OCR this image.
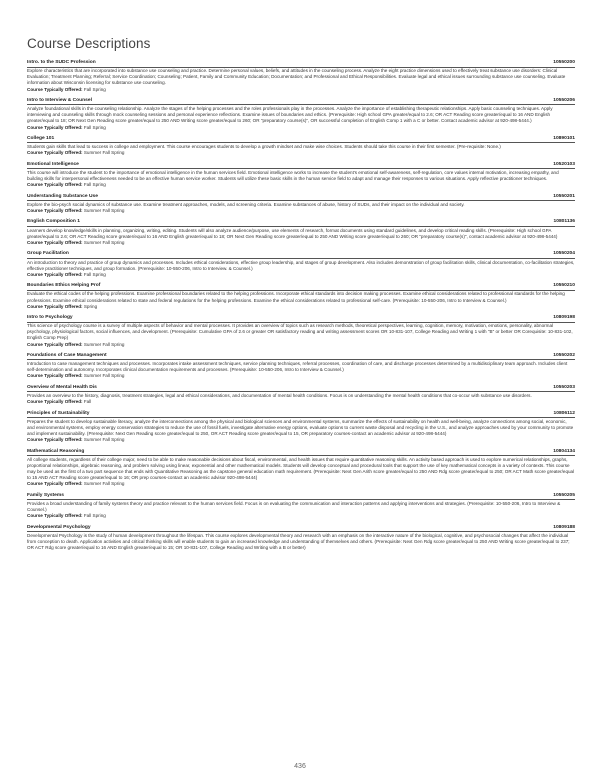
Course Descriptions
Intro. to the SUDC Profession	10550200
Explore characteristics that are incorporated into substance use counseling and practice. Determine personal values, beliefs, and attitudes in the counseling process. Analyze the eight practice dimensions used to effectively treat substance use disorders: Clinical Evaluation; Treatment Planning; Referral; Service Coordination; Counseling; Patient, Family and Community Education; Documentation; and Professional and Ethical Responsibilities. Evaluate legal and ethical issues surrounding substance use counseling. Evaluate information about Wisconsin licensing for substance use counseling.
Course Typically Offered: Fall Spring
Intro to Interview & Counsel	10550206
Analyze foundational skills in the counseling relationship. Analyze the stages of the helping processes and the roles professionals play in the processes. Analyze the importance of establishing therapeutic relationships. Apply basic counseling techniques. Apply interviewing and counseling skills through mock counseling sessions and personal experience reflections. Examine issues of boundaries and ethics. (Prerequisite: High school GPA greater/equal to 2.6; OR ACT Reading score greater/equal to 16 AND English greater/equal to 18; OR Next Gen Reading score greater/equal to 250 AND Writing score greater/equal to 260; OR "preparatory course(s)", OR successful completion of English Comp 1 with a C or better. Contact academic advisor at 920-498-5444.)
Course Typically Offered: Fall Spring
College 101	10890101
Students gain skills that lead to success in college and employment. This course encourages students to develop a growth mindset and make wise choices. Students should take this course in their first semester. (Pre-requisite: None.)
Course Typically Offered: Summer Fall Spring
Emotional Intelligence	10520103
This course will introduce the student to the importance of emotional intelligence in the human services field. Emotional intelligence works to increase the student's emotional self-awareness, self-regulation, core values internal motivation, increasing empathy, and building skills for interpersonal effectiveness needed to be an effective human service worker. Students will utilize these basic skills in the human service field to adapt and manage their responses to various situations. Apply reflective practitioner techniques.
Course Typically Offered: Fall Spring
Understanding Substance Use	10550201
Explore the bio-psych social dynamics of substance use. Examine treatment approaches, models, and screening criteria. Examine substances of abuse, history of SUDs, and their impact on the individual and society.
Course Typically Offered: Summer Fall Spring
English Composition 1	10801136
Learners develop knowledge/skills in planning, organizing, writing, editing. Students will also analyze audience/purpose, use elements of research, format documents using standard guidelines, and develop critical reading skills. (Prerequisite: High school GPA greater/equal to 2.6; OR ACT Reading score greater/equal to 16 AND English greater/equal to 18; OR Next Gen Reading score greater/equal to 250 AND Writing score greater/equal to 260; OR "preparatory course(s)", contact academic advisor at 920-498-5444)
Course Typically Offered: Summer Fall Spring
Group Facilitation	10550204
An introduction to theory and practice of group dynamics and processes. Includes ethical considerations, effective group leadership, and stages of group development. Also includes demonstration of group facilitation skills, clinical documentation, co-facilitation strategies, effective practitioner techniques, and group formation. (Prerequisite: 10-550-206, Intro to Interview. & Counsel.)
Course Typically Offered: Fall Spring
Boundaries Ethics Helping Prof	10550210
Evaluate the ethical codes of the helping professions. Examine professional boundaries related to the helping professions. Incorporate ethical standards into decision making processes. Examine ethical considerations related to professional standards for the helping professions. Examine ethical considerations related to state and federal regulations for the helping professions. Examine the ethical considerations related to professional self-care. (Prerequisite: 10-550-206, Intro to Interview & Counsel.)
Course Typically Offered: Spring
Intro to Psychology	10809198
This science of psychology course is a survey of multiple aspects of behavior and mental processes. It provides an overview of topics such as research methods, theoretical perspectives, learning, cognition, memory, motivation, emotions, personality, abnormal psychology, physiological factors, social influences, and development. (Prerequisite: Cumulative GPA of 2.6 or greater OR satisfactory reading and writing assessment scores OR 10-831-107, College Reading and Writing 1 with "B" or better OR Corequisite: 10-831-102, English Comp Prep)
Course Typically Offered: Summer Fall Spring
Foundations of Case Management	10550202
Introduction to case management techniques and processes. Incorporates intake assessment techniques, service planning techniques, referral processes, coordination of care, and discharge processes determined by a multidisciplinary team approach. Includes client self-determination and autonomy. Incorporates clinical documentation requirements and processes. (Prerequisite: 10-550-206, Intro to Interview & Counsel.)
Course Typically Offered: Summer Fall Spring
Overview of Mental Health Dis	10550203
Provides an overview to the history, diagnosis, treatment strategies, legal and ethical considerations, and documentation of mental health conditions. Focus is on understanding the mental health conditions that co-occur with substance use disorders.
Course Typically Offered: Fall
Principles of Sustainability	10806112
Prepares the student to develop sustainable literacy, analyze the interconnections among the physical and biological sciences and environmental systems, summarize the effects of sustainability on health and well-being, analyze connections among social, economic, and environmental systems, employ energy conservation strategies to reduce the use of fossil fuels, investigate alternative energy options, evaluate options to current waste disposal and recycling in the U.S., and analyze approaches used by your community to promote and implement sustainability. (Prerequisite: Next Gen Reading score greater/equal to 250, OR ACT Reading score greater/equal to 15, OR preparatory courses-contact an academic advisor at 920-498-5444)
Course Typically Offered: Summer Fall Spring
Mathematical Reasoning	10804134
All college students, regardless of their college major, need to be able to make reasonable decisions about fiscal, environmental, and health issues that require quantitative reasoning skills. An activity based approach is used to explore numerical relationships, graphs, proportional relationships, algebraic reasoning, and problem solving using linear, exponential and other mathematical models. Students will develop conceptual and procedural tools that support the use of key mathematical concepts in a variety of contexts. This course may be used as the first of a two part sequence that ends with Quantitative Reasoning as the capstone general education math requirement. (Prerequisite: Next Gen Arith score greater/equal to 250 AND Rdg score greater/equal to 250; OR ACT Math score greater/equal to 15 AND ACT Reading score greater/equal to 16; OR prep courses-contact an academic advisor 920-498-5444)
Course Typically Offered: Summer Fall Spring
Family Systems	10550205
Provides a broad understanding of family systems theory and practice relevant to the human services field. Focus is on evaluating the communication and interaction patterns and applying interventions and strategies. (Prerequisite: 10-550-206, Intro to Interview & Counsel.)
Course Typically Offered: Fall Spring
Developmental Psychology	10809188
Developmental Psychology is the study of human development throughout the lifespan. This course explores developmental theory and research with an emphasis on the interactive nature of the biological, cognitive, and psychosocial changes that affect the individual from conception to death. Application activities and critical thinking skills will enable students to gain an increased knowledge and understanding of themselves and others. (Prerequisite: Next Gen Rdg score greater/equal to 250 AND Writing score greater/equal to 237; OR ACT Rdg score greater/equal to 16 AND English greater/equal to 15; OR 10-831-107, College Reading and Writing with a B or better)
436
